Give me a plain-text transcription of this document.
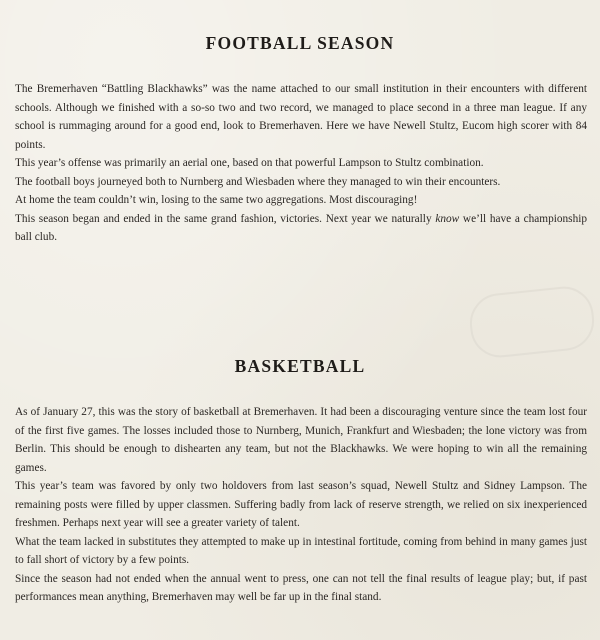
FOOTBALL SEASON

The Bremerhaven “Battling Blackhawks” was the name attached to our small institution in their encounters with different schools. Although we finished with a so-so two and two record, we managed to place second in a three man league. If any school is rummaging around for a good end, look to Bremerhaven. Here we have Newell Stultz, Eucom high scorer with 84 points.

This year’s offense was primarily an aerial one, based on that powerful Lampson to Stultz combination.

The football boys journeyed both to Nurnberg and Wiesbaden where they managed to win their encounters.

At home the team couldn’t win, losing to the same two aggregations. Most discouraging!

This season began and ended in the same grand fashion, victories. Next year we naturally know we’ll have a championship ball club.

BASKETBALL

As of January 27, this was the story of basketball at Bremerhaven. It had been a discouraging venture since the team lost four of the first five games. The losses included those to Nurnberg, Munich, Frankfurt and Wiesbaden; the lone victory was from Berlin. This should be enough to dishearten any team, but not the Blackhawks. We were hoping to win all the remaining games.

This year’s team was favored by only two holdovers from last season’s squad, Newell Stultz and Sidney Lampson. The remaining posts were filled by upper classmen. Suffering badly from lack of reserve strength, we relied on six inexperienced freshmen. Perhaps next year will see a greater variety of talent.

What the team lacked in substitutes they attempted to make up in intestinal fortitude, coming from behind in many games just to fall short of victory by a few points.

Since the season had not ended when the annual went to press, one can not tell the final results of league play; but, if past performances mean anything, Bremerhaven may well be far up in the final stand.
